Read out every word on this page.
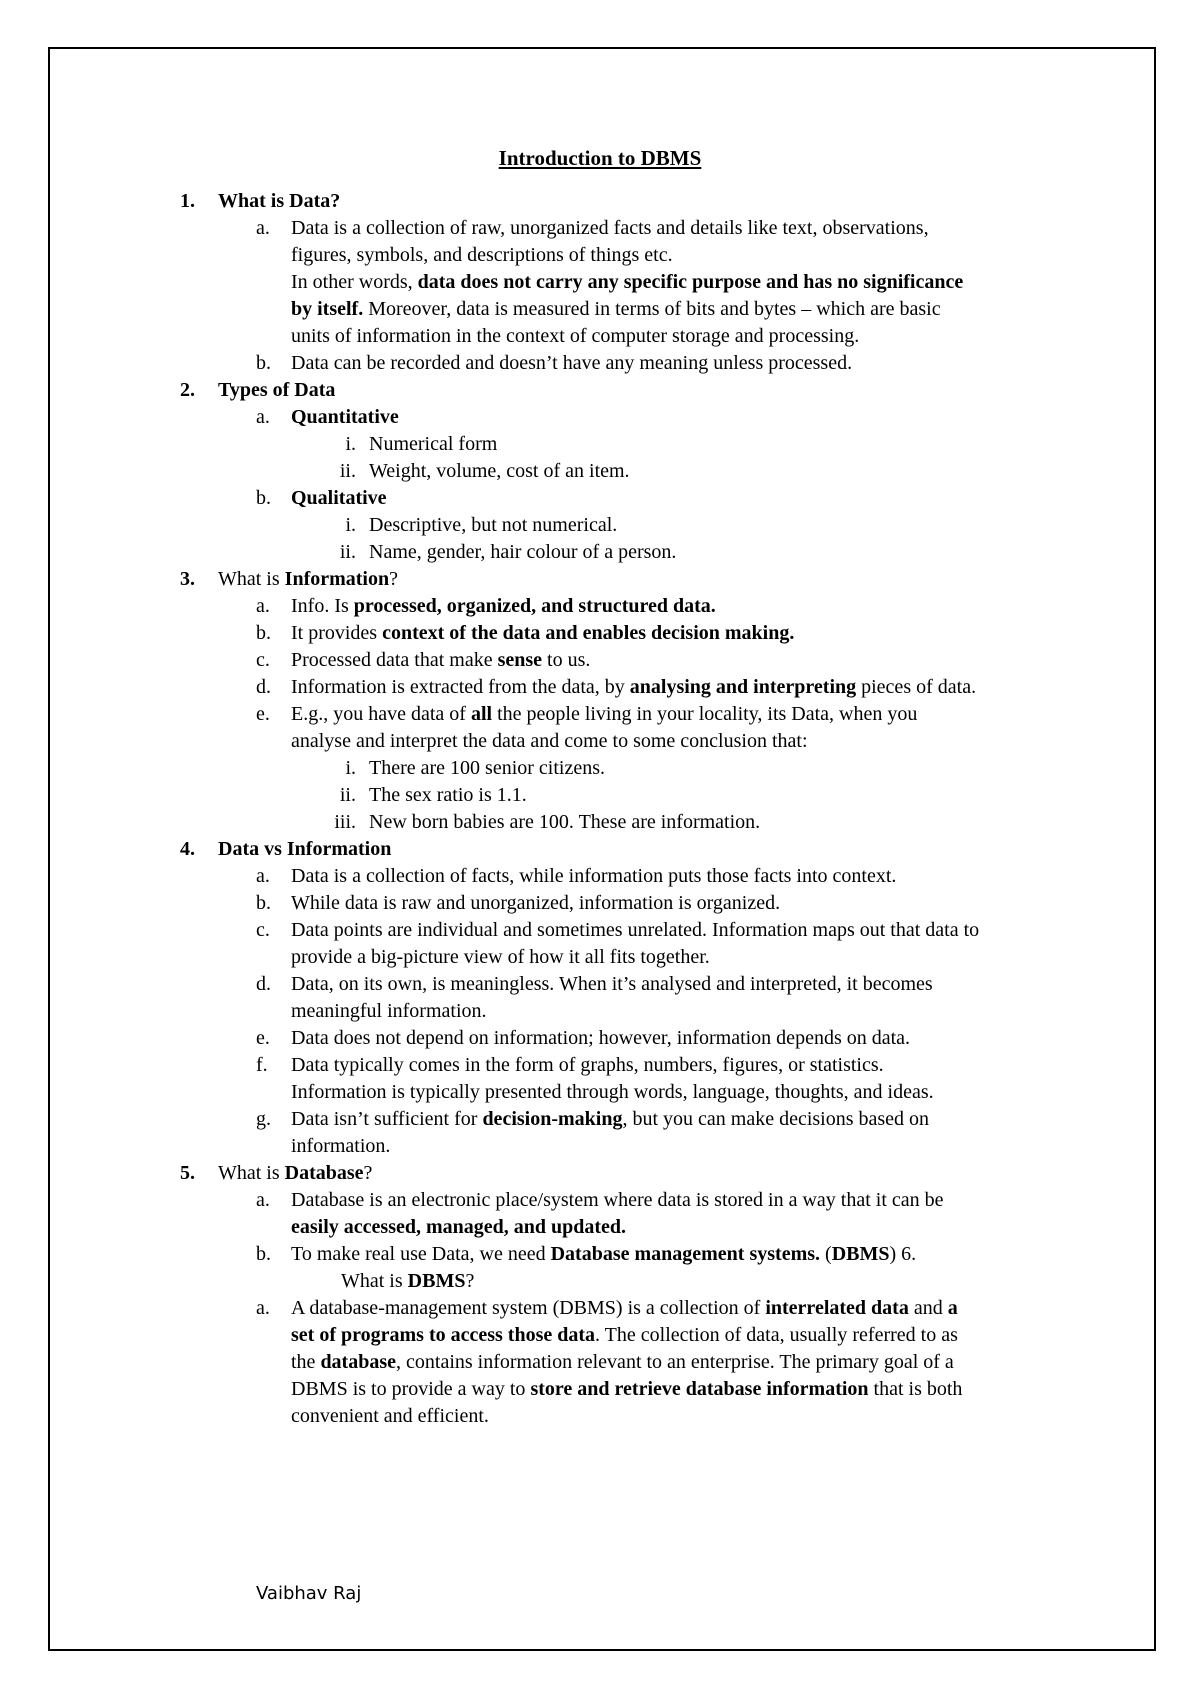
Introduction to DBMS
1. What is Data?
a. Data is a collection of raw, unorganized facts and details like text, observations,
figures, symbols, and descriptions of things etc.
In other words, data does not carry any specific purpose and has no significance
by itself. Moreover, data is measured in terms of bits and bytes – which are basic
units of information in the context of computer storage and processing.
b. Data can be recorded and doesn’t have any meaning unless processed.
2. Types of Data
a. Quantitative
i. Numerical form
ii. Weight, volume, cost of an item.
b. Qualitative
i. Descriptive, but not numerical.
ii. Name, gender, hair colour of a person.
3. What is Information?
a. Info. Is processed, organized, and structured data.
b. It provides context of the data and enables decision making.
c. Processed data that make sense to us.
d. Information is extracted from the data, by analysing and interpreting pieces of data.
e. E.g., you have data of all the people living in your locality, its Data, when you
analyse and interpret the data and come to some conclusion that:
i. There are 100 senior citizens.
ii. The sex ratio is 1.1.
iii. New born babies are 100. These are information.
4. Data vs Information
a. Data is a collection of facts, while information puts those facts into context.
b. While data is raw and unorganized, information is organized.
c. Data points are individual and sometimes unrelated. Information maps out that data to
provide a big-picture view of how it all fits together.
d. Data, on its own, is meaningless. When it’s analysed and interpreted, it becomes
meaningful information.
e. Data does not depend on information; however, information depends on data.
f. Data typically comes in the form of graphs, numbers, figures, or statistics.
Information is typically presented through words, language, thoughts, and ideas.
g. Data isn’t sufficient for decision-making, but you can make decisions based on
information.
5. What is Database?
a. Database is an electronic place/system where data is stored in a way that it can be
easily accessed, managed, and updated.
b. To make real use Data, we need Database management systems. (DBMS) 6.
What is DBMS?
a. A database-management system (DBMS) is a collection of interrelated data and a
set of programs to access those data. The collection of data, usually referred to as
the database, contains information relevant to an enterprise. The primary goal of a
DBMS is to provide a way to store and retrieve database information that is both
convenient and efficient.
Vaibhav Raj
